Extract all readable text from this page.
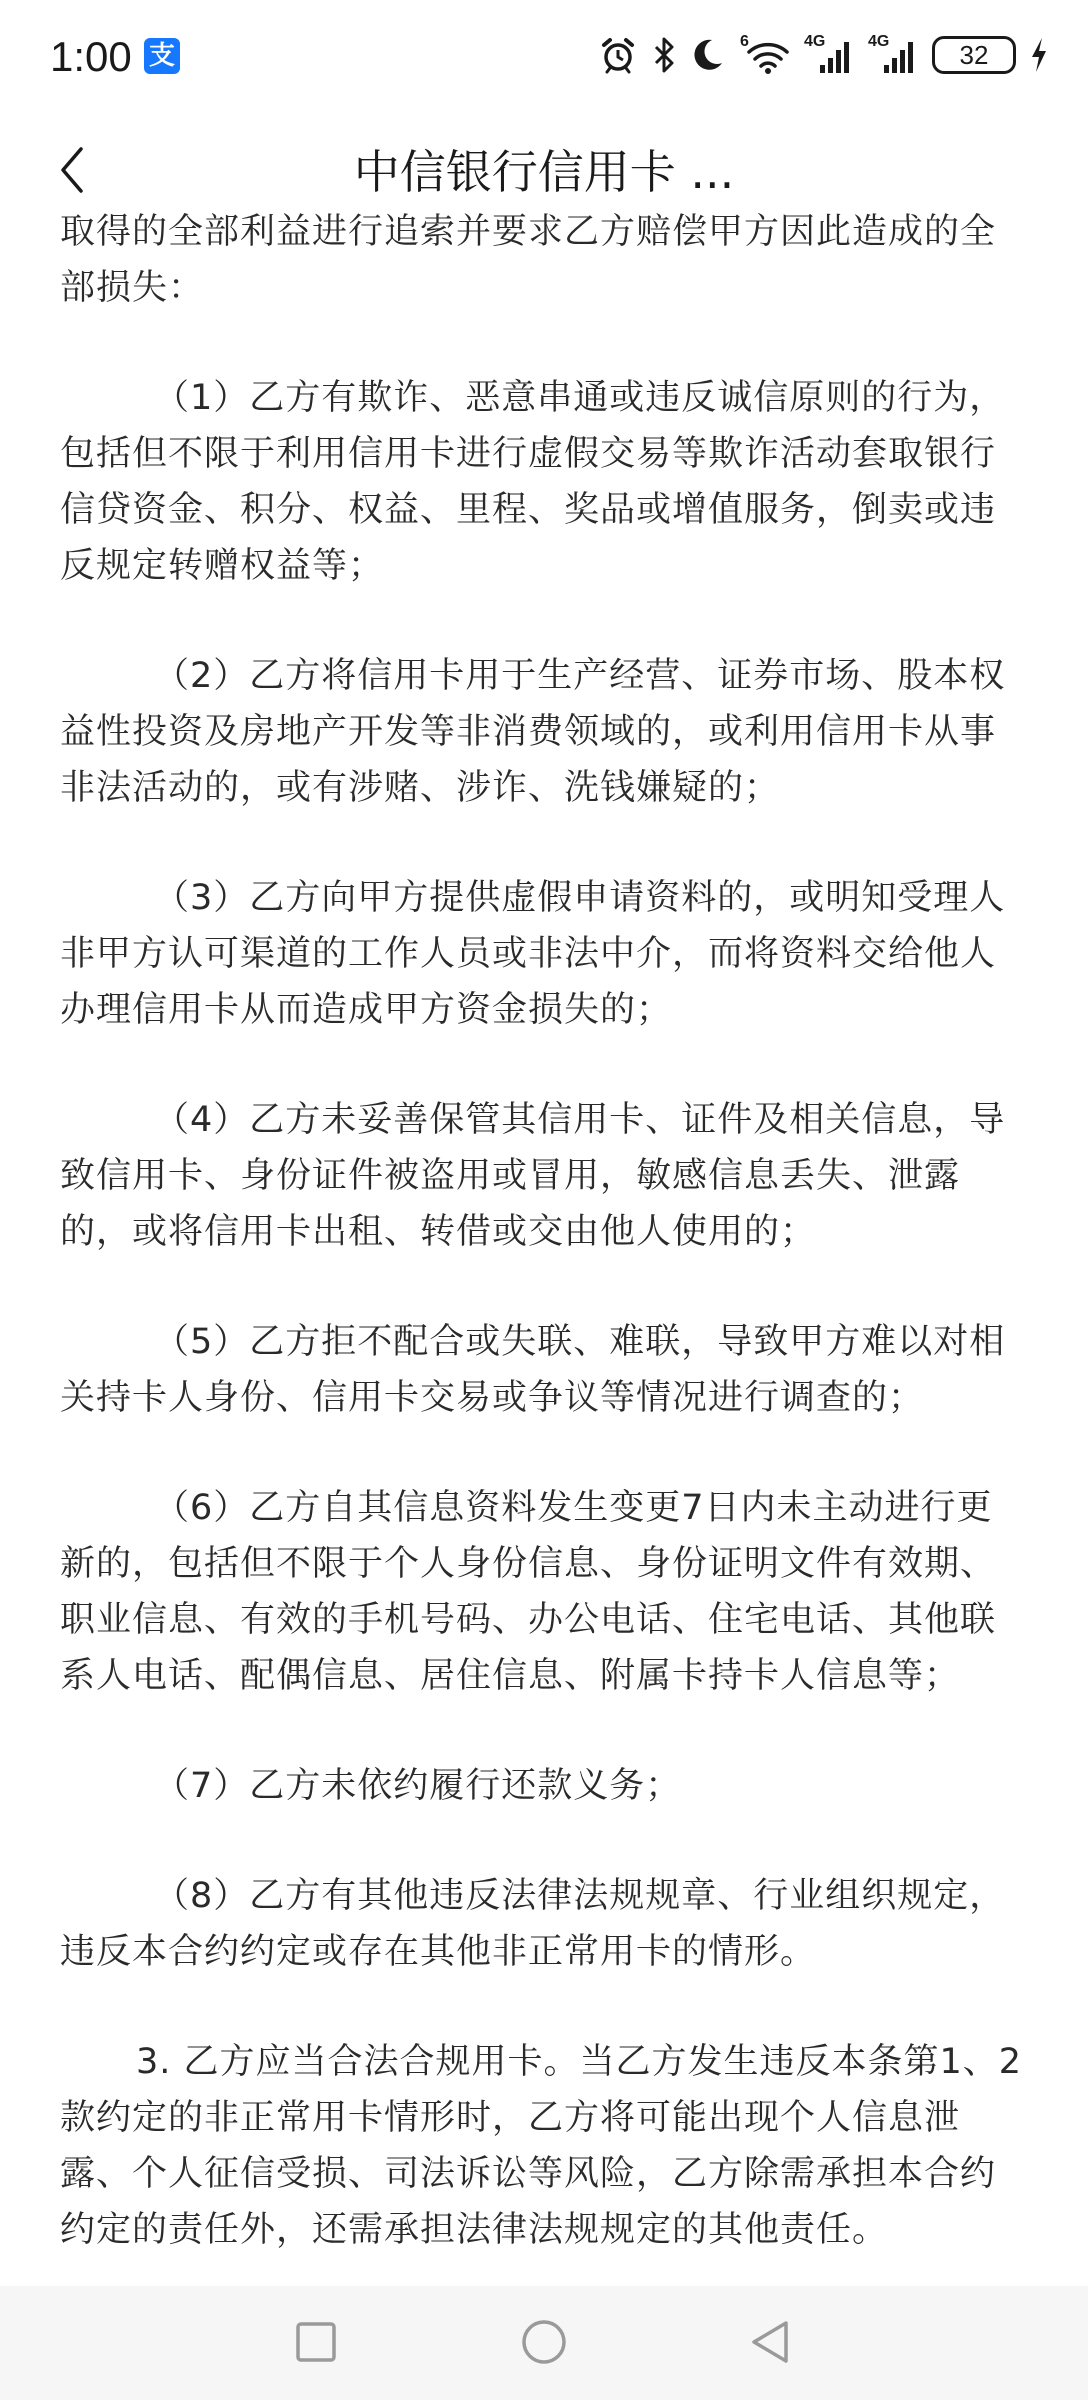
1:00 支	6	4G	4G	32
中信银行信用卡 ...

取得的全部利益进行追索并要求乙方赔偿甲方因此造成的全部损失：

（1）乙方有欺诈、恶意串通或违反诚信原则的行为，包括但不限于利用信用卡进行虚假交易等欺诈活动套取银行信贷资金、积分、权益、里程、奖品或增值服务，倒卖或违反规定转赠权益等；

（2）乙方将信用卡用于生产经营、证券市场、股本权益性投资及房地产开发等非消费领域的，或利用信用卡从事非法活动的，或有涉赌、涉诈、洗钱嫌疑的；

（3）乙方向甲方提供虚假申请资料的，或明知受理人非甲方认可渠道的工作人员或非法中介，而将资料交给他人办理信用卡从而造成甲方资金损失的；

（4）乙方未妥善保管其信用卡、证件及相关信息，导致信用卡、身份证件被盗用或冒用，敏感信息丢失、泄露的，或将信用卡出租、转借或交由他人使用的；

（5）乙方拒不配合或失联、难联，导致甲方难以对相关持卡人身份、信用卡交易或争议等情况进行调查的；

（6）乙方自其信息资料发生变更7日内未主动进行更新的，包括但不限于个人身份信息、身份证明文件有效期、职业信息、有效的手机号码、办公电话、住宅电话、其他联系人电话、配偶信息、居住信息、附属卡持卡人信息等；

（7）乙方未依约履行还款义务；

（8）乙方有其他违反法律法规规章、行业组织规定，违反本合约约定或存在其他非正常用卡的情形。

3. 乙方应当合法合规用卡。当乙方发生违反本条第1、2款约定的非正常用卡情形时，乙方将可能出现个人信息泄露、个人征信受损、司法诉讼等风险，乙方除需承担本合约约定的责任外，还需承担法律法规规定的其他责任。
